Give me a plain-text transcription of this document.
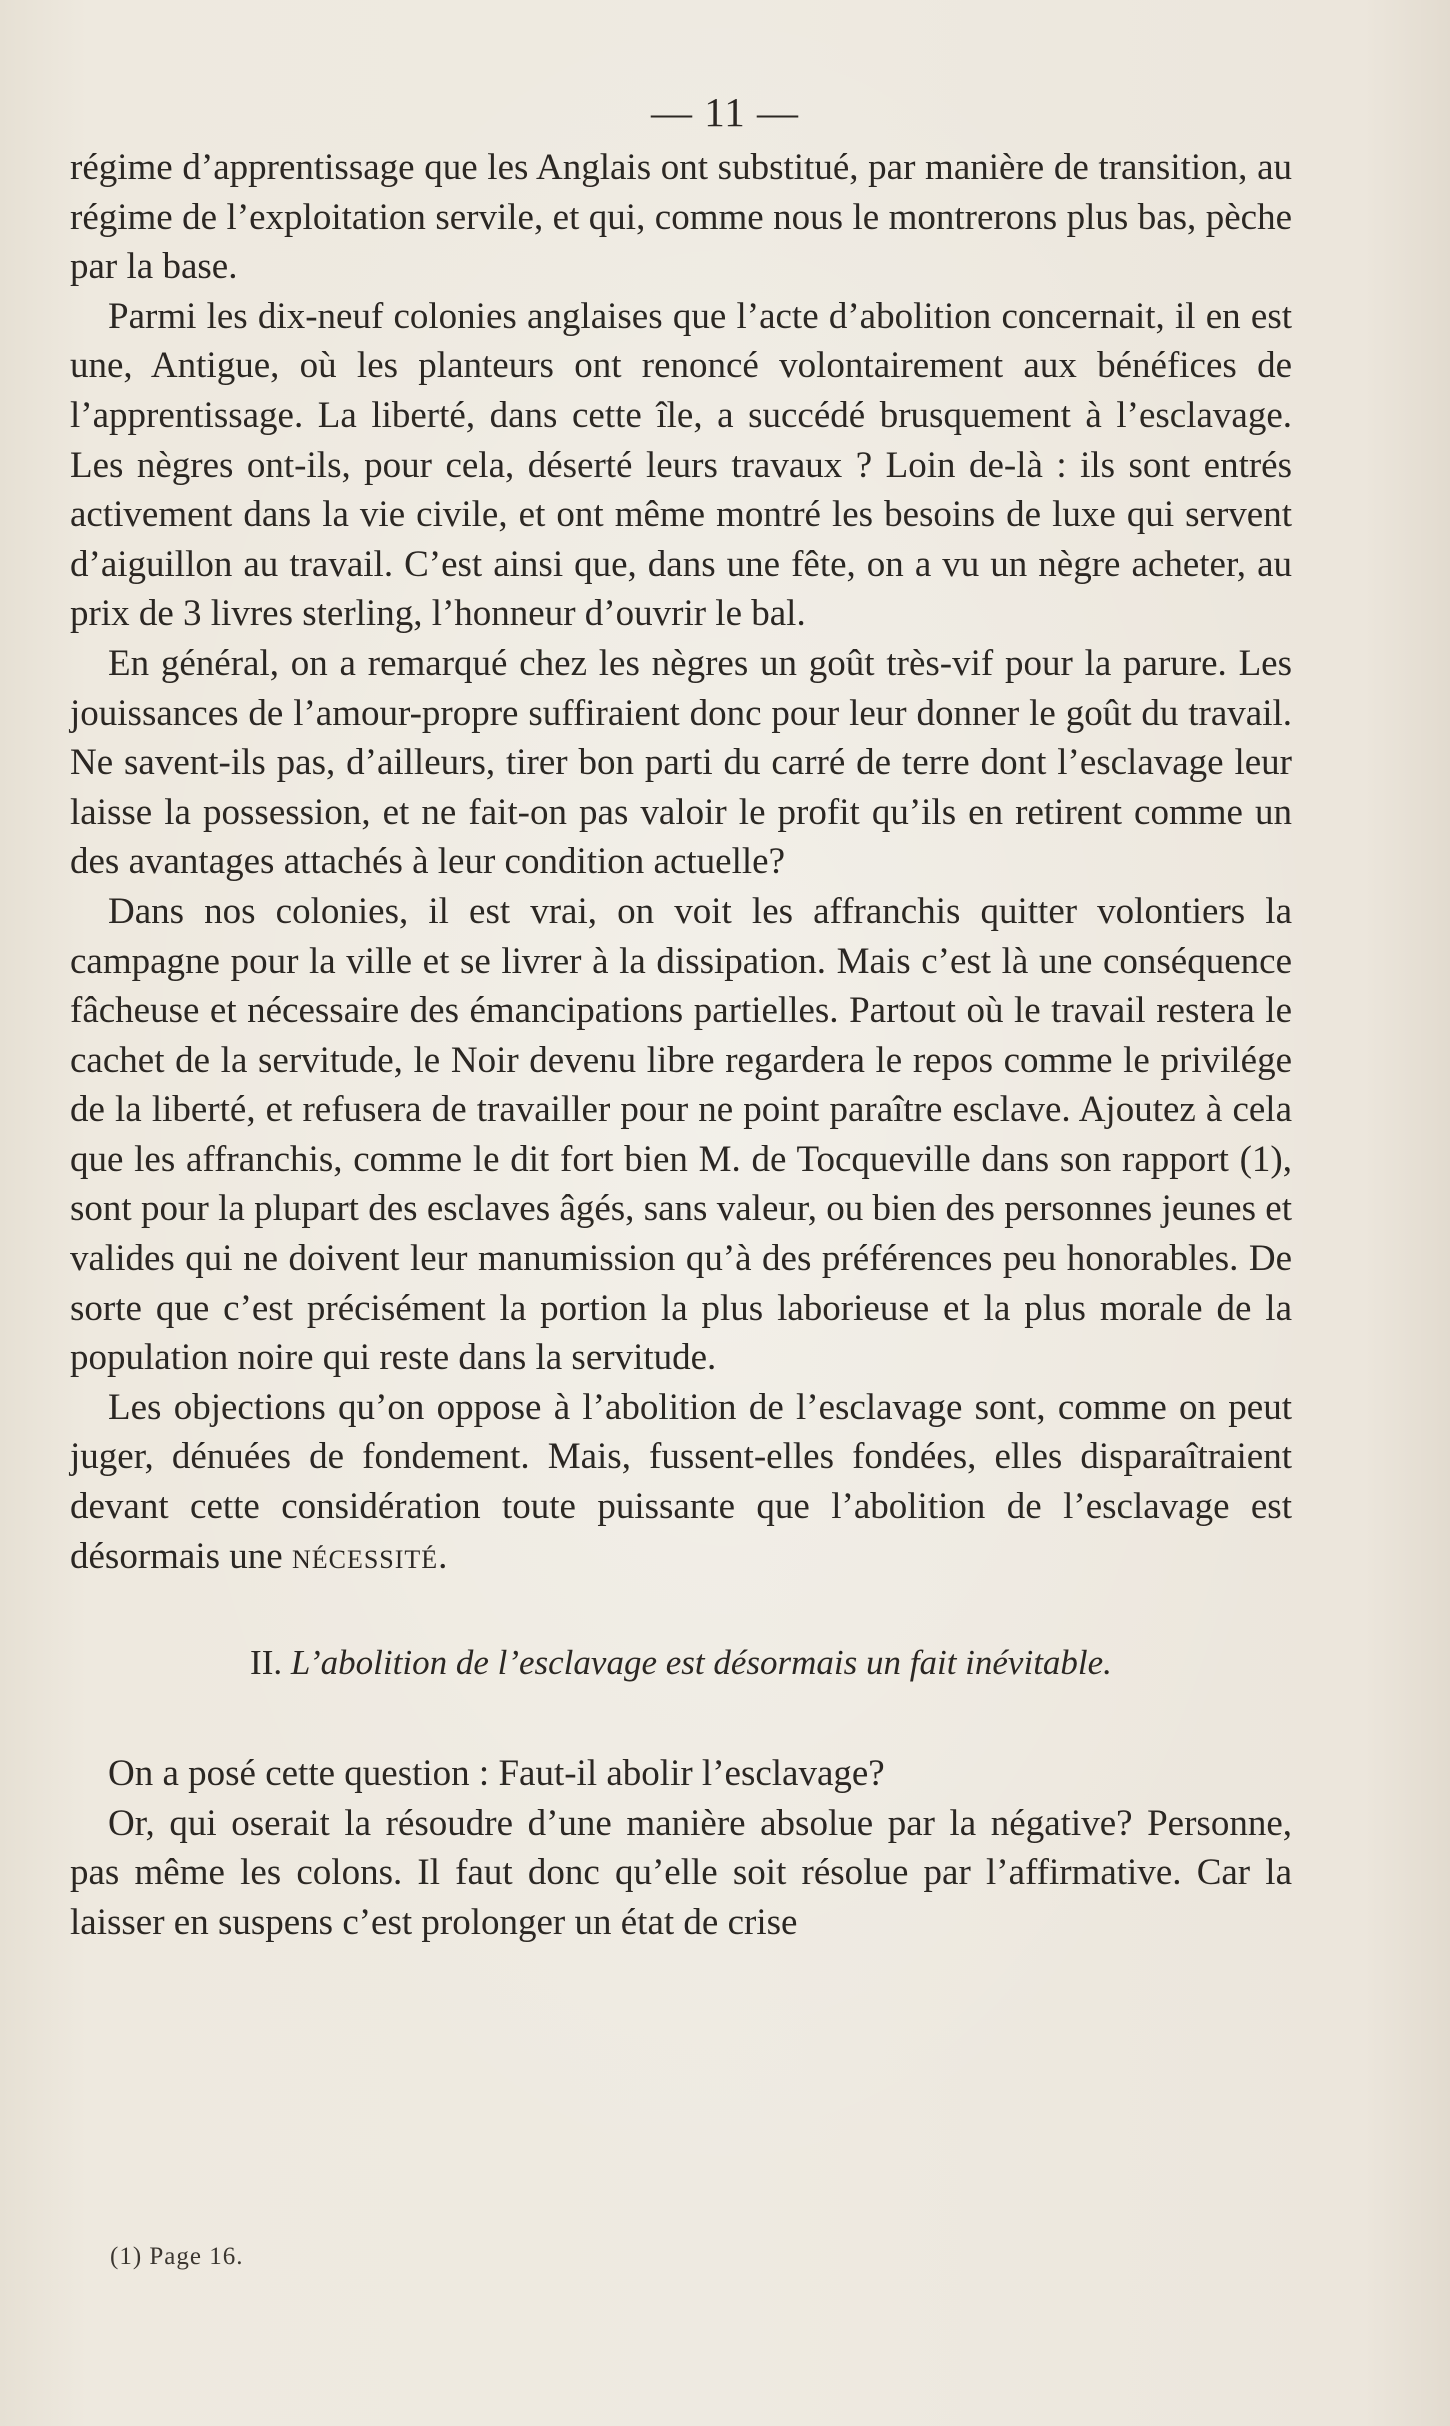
— 11 —

régime d’apprentissage que les Anglais ont substitué, par manière de transition, au régime de l’exploitation servile, et qui, comme nous le montrerons plus bas, pèche par la base.

Parmi les dix-neuf colonies anglaises que l’acte d’abolition concernait, il en est une, Antigue, où les planteurs ont renoncé volontairement aux bénéfices de l’apprentissage. La liberté, dans cette île, a succédé brusquement à l’esclavage. Les nègres ont-ils, pour cela, déserté leurs travaux ? Loin de-là : ils sont entrés activement dans la vie civile, et ont même montré les besoins de luxe qui servent d’aiguillon au travail. C’est ainsi que, dans une fête, on a vu un nègre acheter, au prix de 3 livres sterling, l’honneur d’ouvrir le bal.

En général, on a remarqué chez les nègres un goût très-vif pour la parure. Les jouissances de l’amour-propre suffiraient donc pour leur donner le goût du travail. Ne savent-ils pas, d’ailleurs, tirer bon parti du carré de terre dont l’esclavage leur laisse la possession, et ne fait-on pas valoir le profit qu’ils en retirent comme un des avantages attachés à leur condition actuelle?

Dans nos colonies, il est vrai, on voit les affranchis quitter volontiers la campagne pour la ville et se livrer à la dissipation. Mais c’est là une conséquence fâcheuse et nécessaire des émancipations partielles. Partout où le travail restera le cachet de la servitude, le Noir devenu libre regardera le repos comme le privilége de la liberté, et refusera de travailler pour ne point paraître esclave. Ajoutez à cela que les affranchis, comme le dit fort bien M. de Tocqueville dans son rapport (1), sont pour la plupart des esclaves âgés, sans valeur, ou bien des personnes jeunes et valides qui ne doivent leur manumission qu’à des préférences peu honorables. De sorte que c’est précisément la portion la plus laborieuse et la plus morale de la population noire qui reste dans la servitude.

Les objections qu’on oppose à l’abolition de l’esclavage sont, comme on peut juger, dénuées de fondement. Mais, fussent-elles fondées, elles disparaîtraient devant cette considération toute puissante que l’abolition de l’esclavage est désormais une nécessité.

II. L’abolition de l’esclavage est désormais un fait inévitable.

On a posé cette question : Faut-il abolir l’esclavage?

Or, qui oserait la résoudre d’une manière absolue par la négative? Personne, pas même les colons. Il faut donc qu’elle soit résolue par l’affirmative. Car la laisser en suspens c’est prolonger un état de crise

(1) Page 16.
